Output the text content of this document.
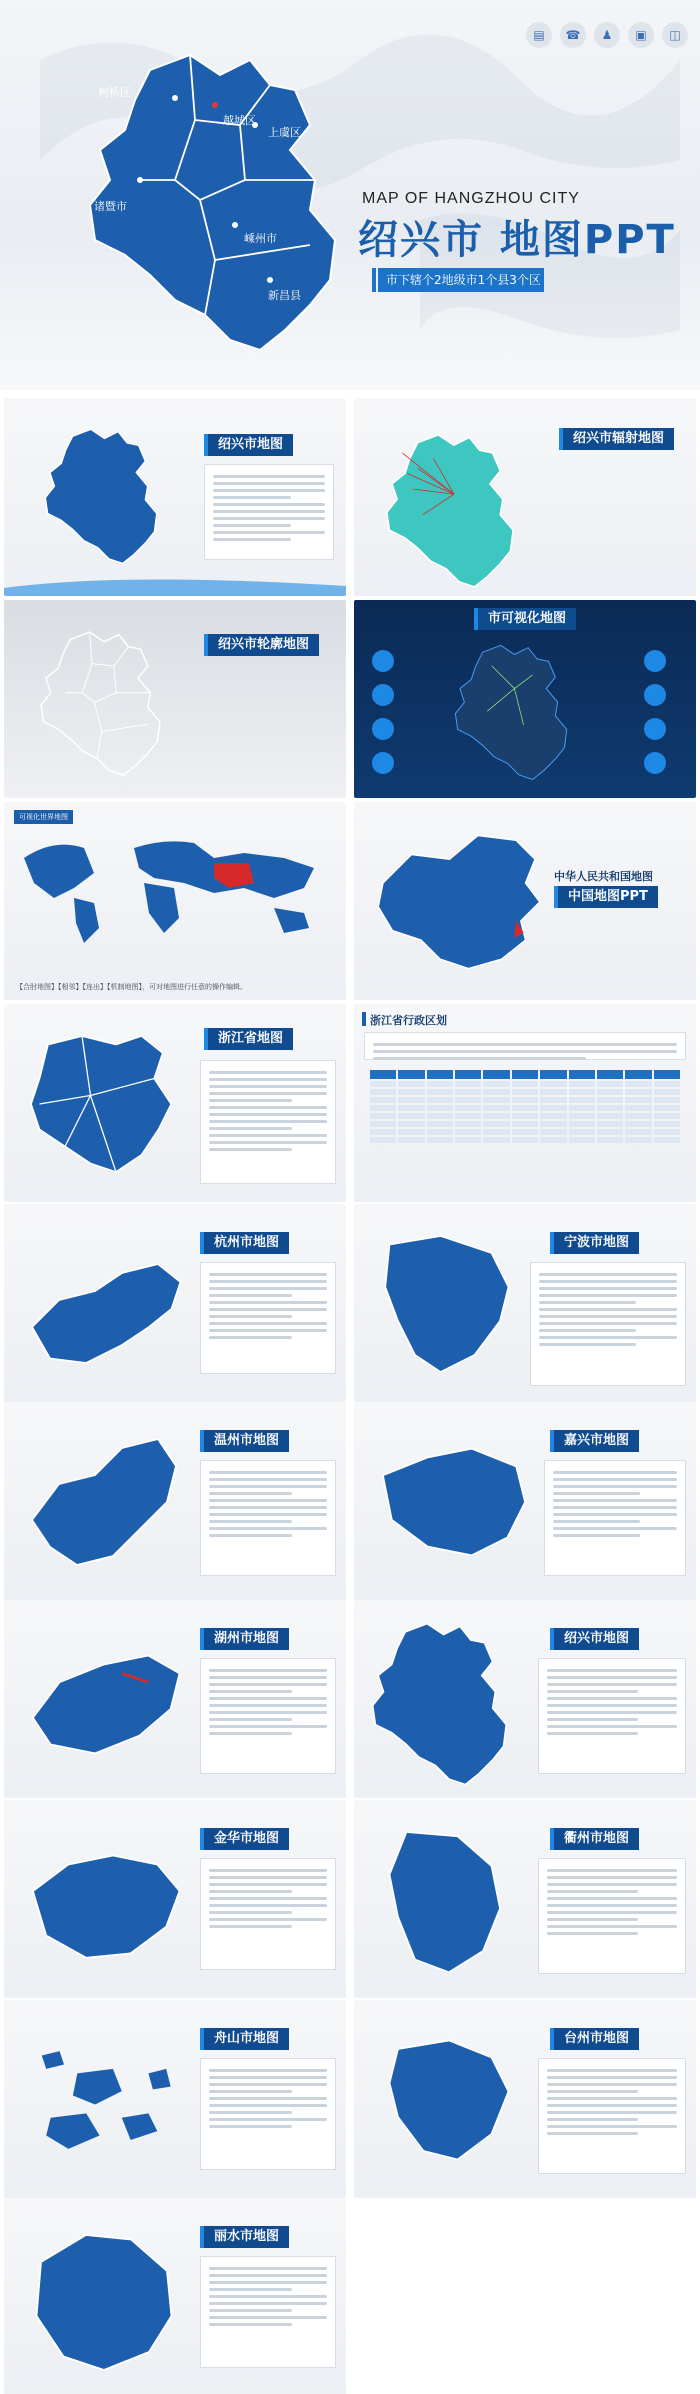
▤	☎	♟	▣	◫
柯桥区
越城区
上虞区
诸暨市
嵊州市
新昌县
MAP OF HANGZHOU CITY
绍兴市 地图PPT
市下辖个2地级市1个县3个区
绍兴市地图	绍兴市辐射地图
绍兴市轮廓地图
市可视化地图
可视化世界地图
【合肘地图】【相邻】【连出】【机制地图】，可对地图进行任意的操作编辑。
中华人民共和国地图
中国地图PPT
浙江省地图
浙江省行政区划
杭州市地图	宁波市地图
温州市地图	嘉兴市地图
湖州市地图	绍兴市地图
金华市地图	衢州市地图
舟山市地图	台州市地图
丽水市地图
